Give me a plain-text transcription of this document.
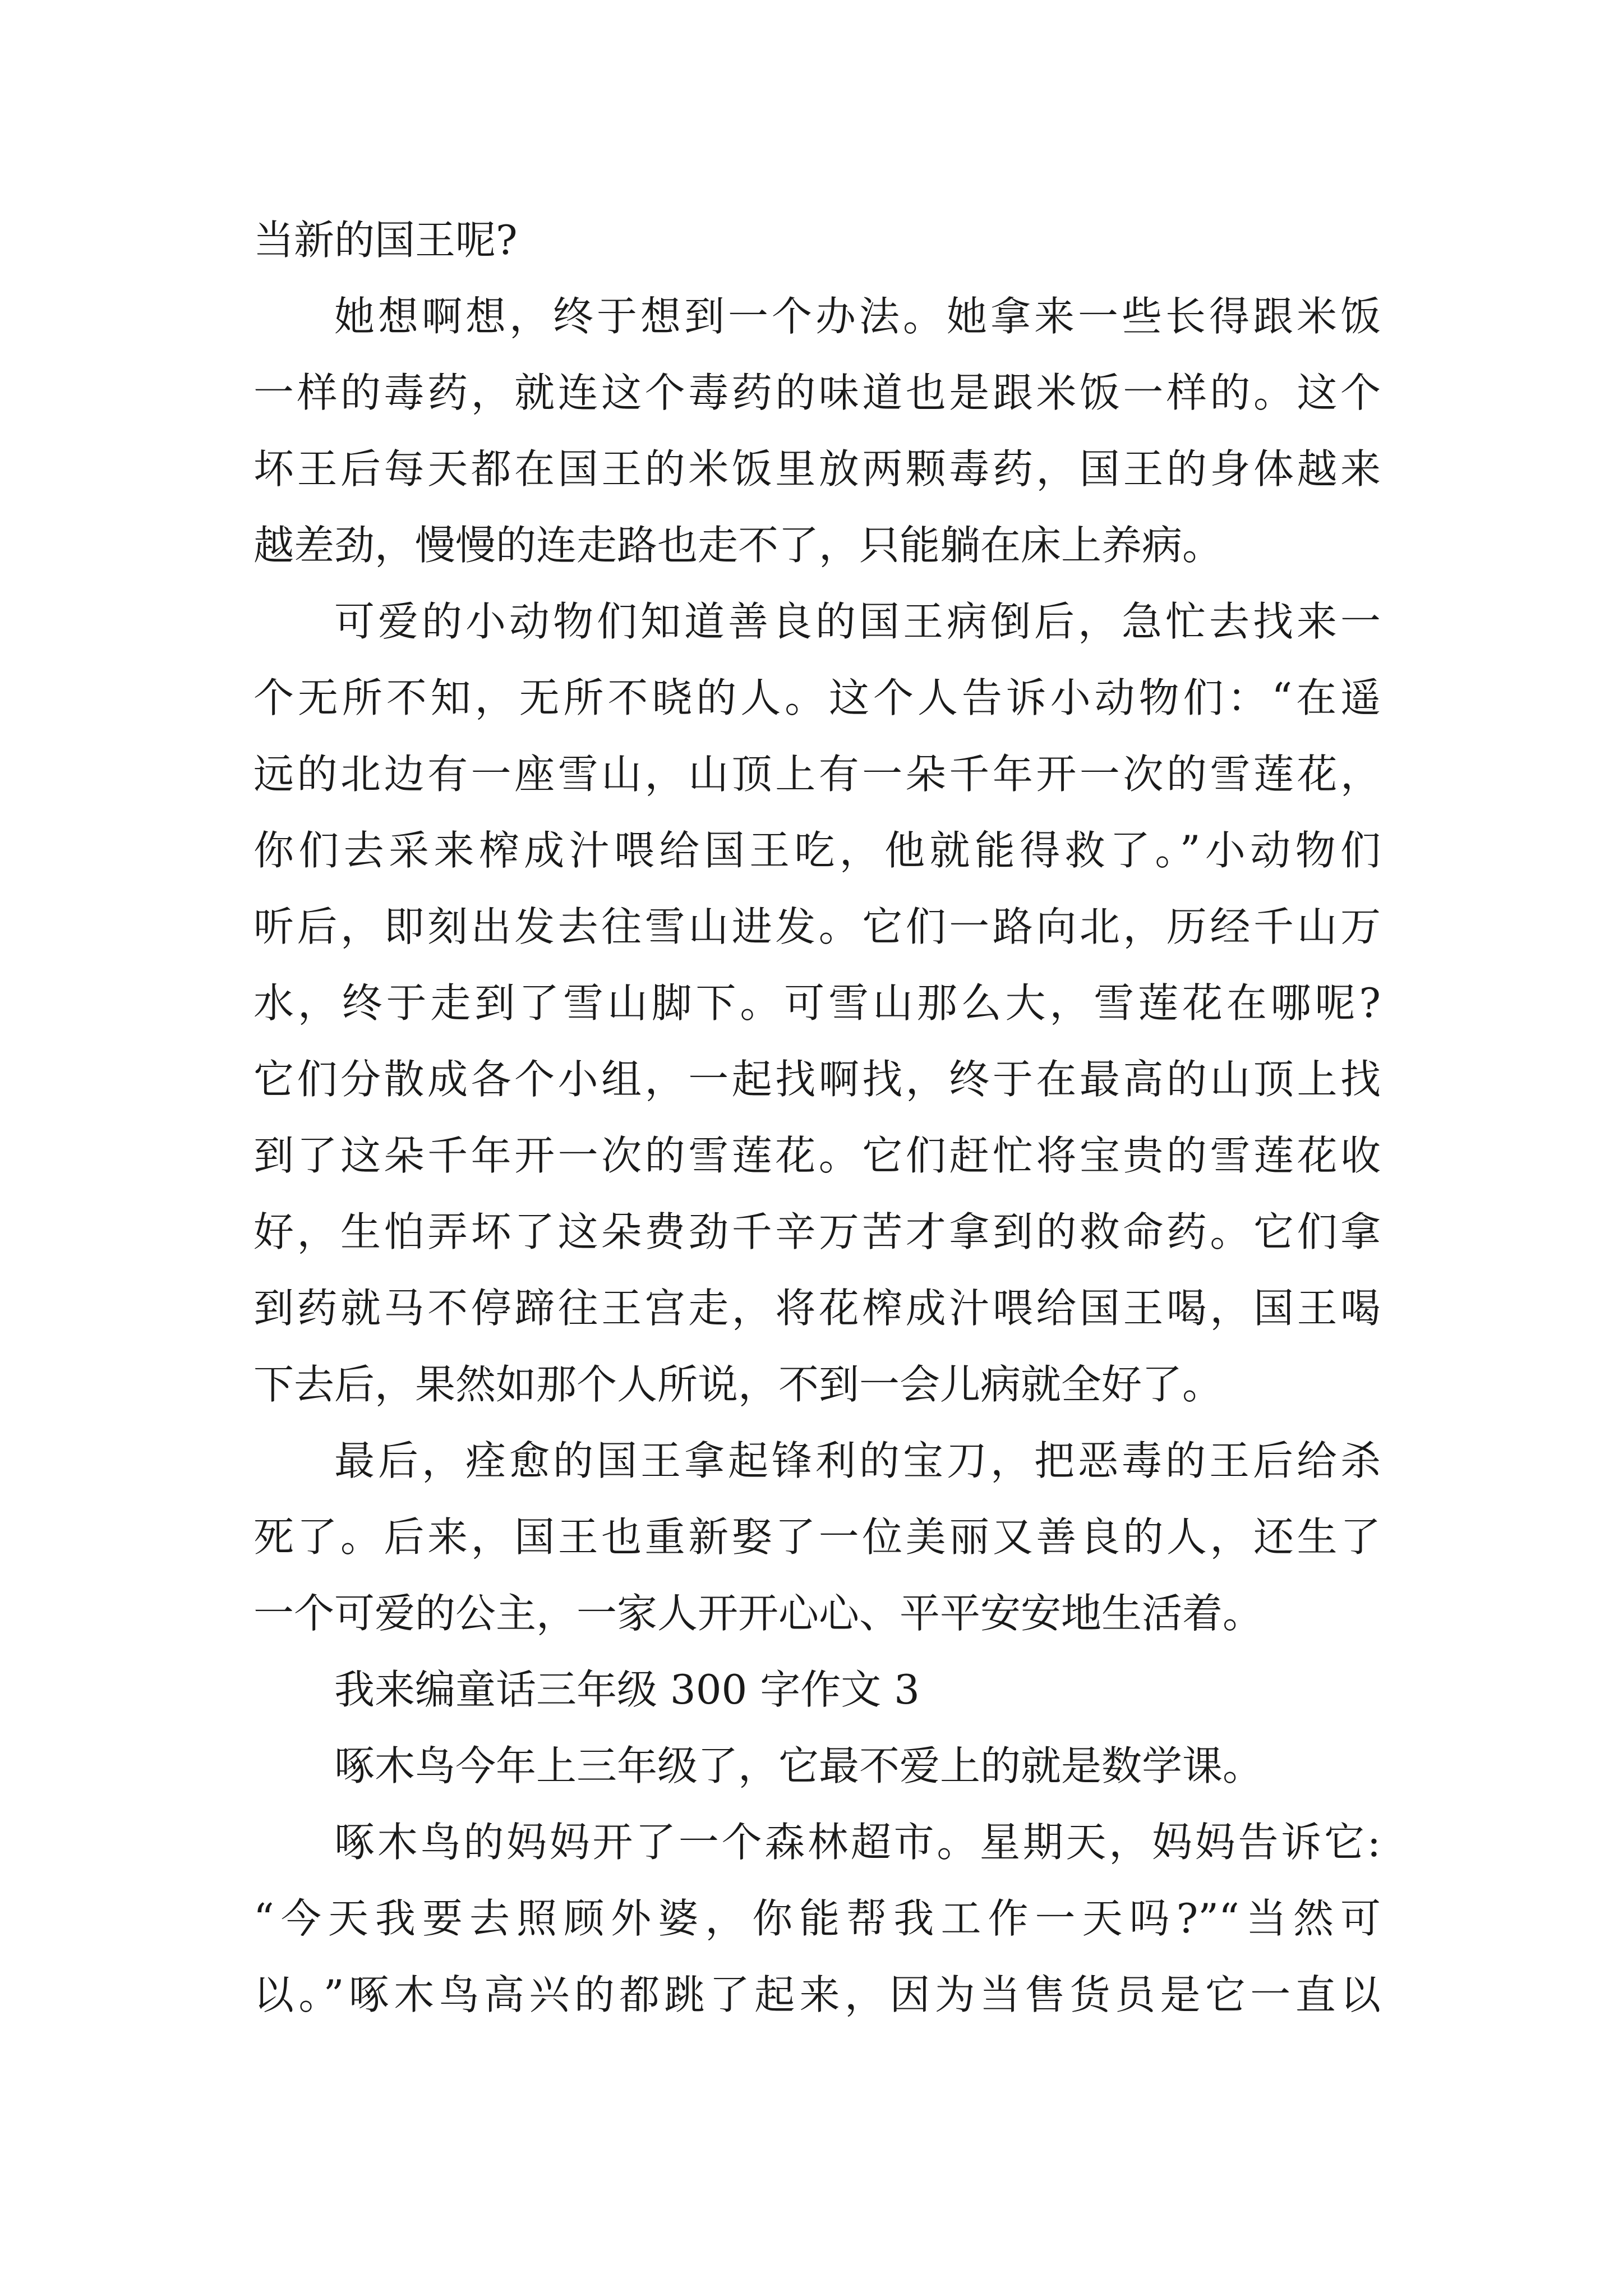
当新的国王呢?
她想啊想，终于想到一个办法。她拿来一些长得跟米饭
一样的毒药，就连这个毒药的味道也是跟米饭一样的。这个
坏王后每天都在国王的米饭里放两颗毒药，国王的身体越来
越差劲，慢慢的连走路也走不了，只能躺在床上养病。
可爱的小动物们知道善良的国王病倒后，急忙去找来一
个无所不知，无所不晓的人。这个人告诉小动物们：“在遥
远的北边有一座雪山，山顶上有一朵千年开一次的雪莲花，
你们去采来榨成汁喂给国王吃，他就能得救了。”小动物们
听后，即刻出发去往雪山进发。它们一路向北，历经千山万
水，终于走到了雪山脚下。可雪山那么大，雪莲花在哪呢?
它们分散成各个小组，一起找啊找，终于在最高的山顶上找
到了这朵千年开一次的雪莲花。它们赶忙将宝贵的雪莲花收
好，生怕弄坏了这朵费劲千辛万苦才拿到的救命药。它们拿
到药就马不停蹄往王宫走，将花榨成汁喂给国王喝，国王喝
下去后，果然如那个人所说，不到一会儿病就全好了。
最后，痊愈的国王拿起锋利的宝刀，把恶毒的王后给杀
死了。后来，国王也重新娶了一位美丽又善良的人，还生了
一个可爱的公主，一家人开开心心、平平安安地生活着。
我来编童话三年级 300 字作文 3
啄木鸟今年上三年级了，它最不爱上的就是数学课。
啄木鸟的妈妈开了一个森林超市。星期天，妈妈告诉它:
“今天我要去照顾外婆，你能帮我工作一天吗?”“当然可
以。”啄木鸟高兴的都跳了起来，因为当售货员是它一直以
